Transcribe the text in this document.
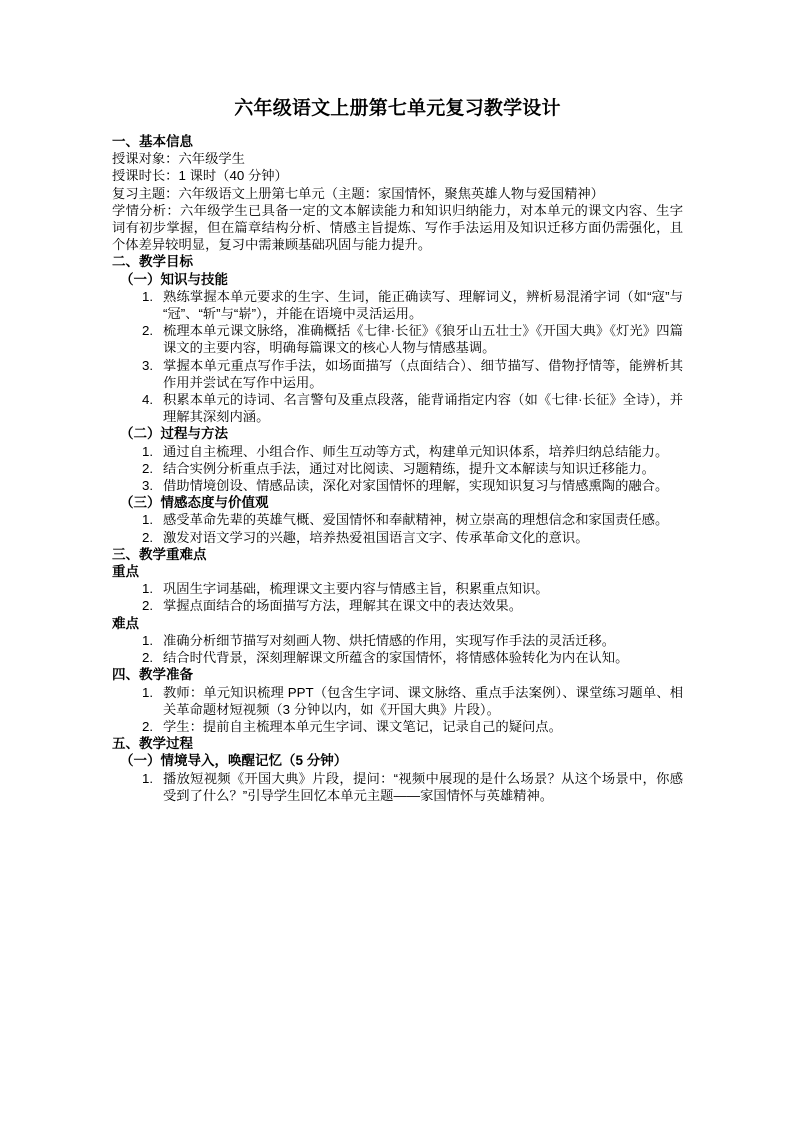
六年级语文上册第七单元复习教学设计
一、基本信息

授课对象：六年级学生

授课时长：1 课时（40 分钟）

复习主题：六年级语文上册第七单元（主题：家国情怀，聚焦英雄人物与爱国精神）

学情分析：六年级学生已具备一定的文本解读能力和知识归纳能力，对本单元的课文内容、生字词有初步掌握，但在篇章结构分析、情感主旨提炼、写作手法运用及知识迁移方面仍需强化，且个体差异较明显，复习中需兼顾基础巩固与能力提升。

二、教学目标
（一）知识与技能
熟练掌握本单元要求的生字、生词，能正确读写、理解词义，辨析易混淆字词（如“寇”与“冠”、“斩”与“崭”），并能在语境中灵活运用。
梳理本单元课文脉络，准确概括《七律·长征》《狼牙山五壮士》《开国大典》《灯光》四篇课文的主要内容，明确每篇课文的核心人物与情感基调。
掌握本单元重点写作手法，如场面描写（点面结合）、细节描写、借物抒情等，能辨析其作用并尝试在写作中运用。
积累本单元的诗词、名言警句及重点段落，能背诵指定内容（如《七律·长征》全诗），并理解其深刻内涵。
（二）过程与方法
通过自主梳理、小组合作、师生互动等方式，构建单元知识体系，培养归纳总结能力。
结合实例分析重点手法，通过对比阅读、习题精练，提升文本解读与知识迁移能力。
借助情境创设、情感品读，深化对家国情怀的理解，实现知识复习与情感熏陶的融合。
（三）情感态度与价值观
感受革命先辈的英雄气概、爱国情怀和奉献精神，树立崇高的理想信念和家国责任感。
激发对语文学习的兴趣，培养热爱祖国语言文字、传承革命文化的意识。
三、教学重难点
重点
巩固生字词基础，梳理课文主要内容与情感主旨，积累重点知识。
掌握点面结合的场面描写方法，理解其在课文中的表达效果。
难点
准确分析细节描写对刻画人物、烘托情感的作用，实现写作手法的灵活迁移。
结合时代背景，深刻理解课文所蕴含的家国情怀，将情感体验转化为内在认知。
四、教学准备
教师：单元知识梳理 PPT（包含生字词、课文脉络、重点手法案例）、课堂练习题单、相关革命题材短视频（3 分钟以内，如《开国大典》片段）。
学生：提前自主梳理本单元生字词、课文笔记，记录自己的疑问点。
五、教学过程
（一）情境导入，唤醒记忆（5 分钟）
播放短视频《开国大典》片段，提问：“视频中展现的是什么场景？从这个场景中，你感受到了什么？”引导学生回忆本单元主题——家国情怀与英雄精神。
